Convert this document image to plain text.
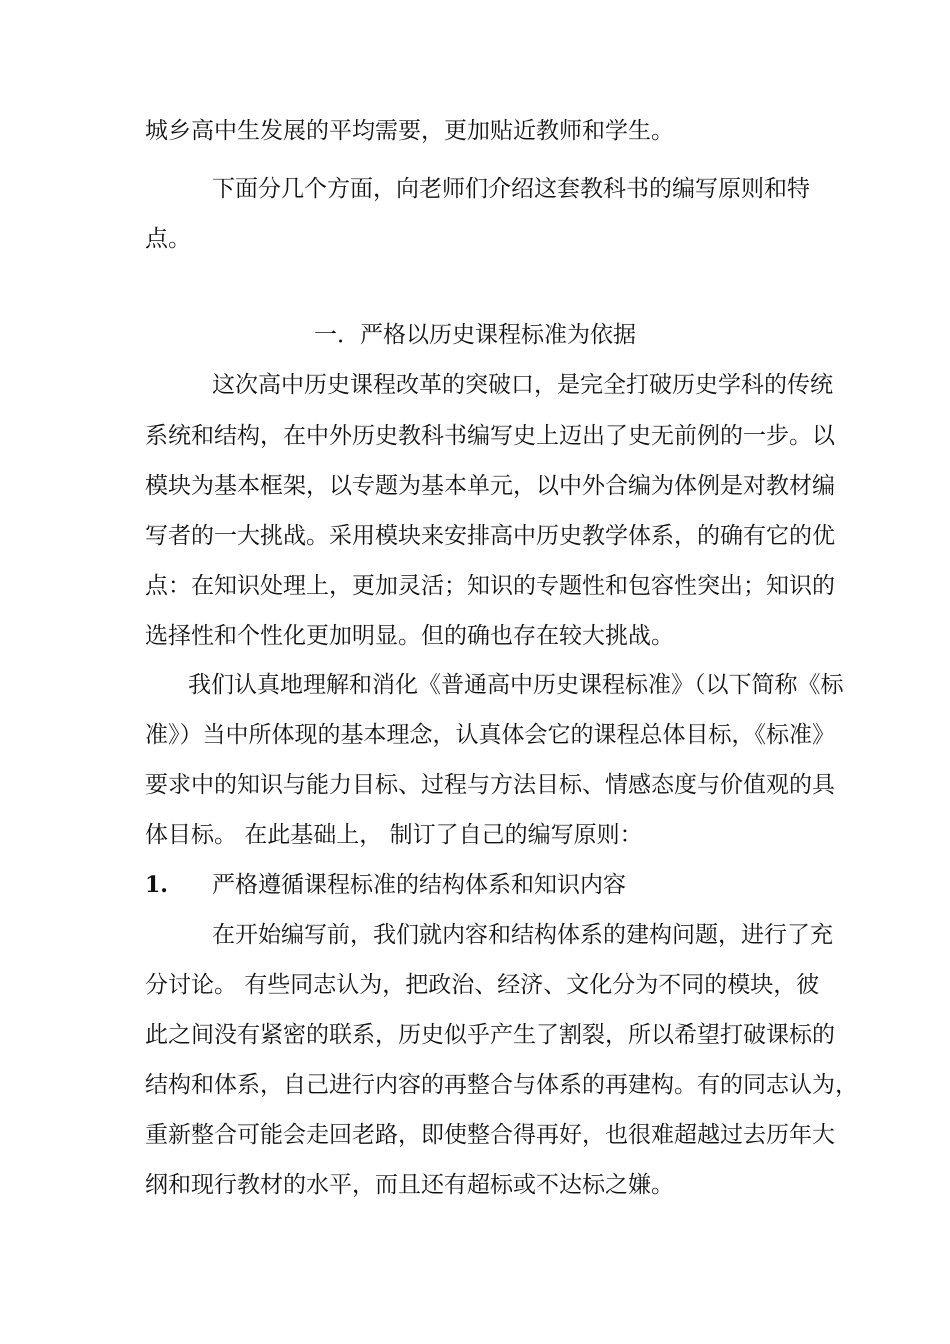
城乡高中生发展的平均需要，更加贴近教师和学生。
下面分几个方面，向老师们介绍这套教科书的编写原则和特
点。
一．严格以历史课程标准为依据
这次高中历史课程改革的突破口，是完全打破历史学科的传统
系统和结构，在中外历史教科书编写史上迈出了史无前例的一步。以
模块为基本框架，以专题为基本单元，以中外合编为体例是对教材编
写者的一大挑战。采用模块来安排高中历史教学体系，的确有它的优
点：在知识处理上，更加灵活；知识的专题性和包容性突出；知识的
选择性和个性化更加明显。但的确也存在较大挑战。
我们认真地理解和消化《普通高中历史课程标准》（以下简称《标
准》）当中所体现的基本理念，认真体会它的课程总体目标，《标准》
要求中的知识与能力目标、过程与方法目标、情感态度与价值观的具
体目标。 在此基础上， 制订了自己的编写原则：
1. 严格遵循课程标准的结构体系和知识内容
在开始编写前，我们就内容和结构体系的建构问题，进行了充
分讨论。 有些同志认为，把政治、经济、文化分为不同的模块，彼
此之间没有紧密的联系，历史似乎产生了割裂，所以希望打破课标的
结构和体系，自己进行内容的再整合与体系的再建构。有的同志认为，
重新整合可能会走回老路，即使整合得再好，也很难超越过去历年大
纲和现行教材的水平，而且还有超标或不达标之嫌。
